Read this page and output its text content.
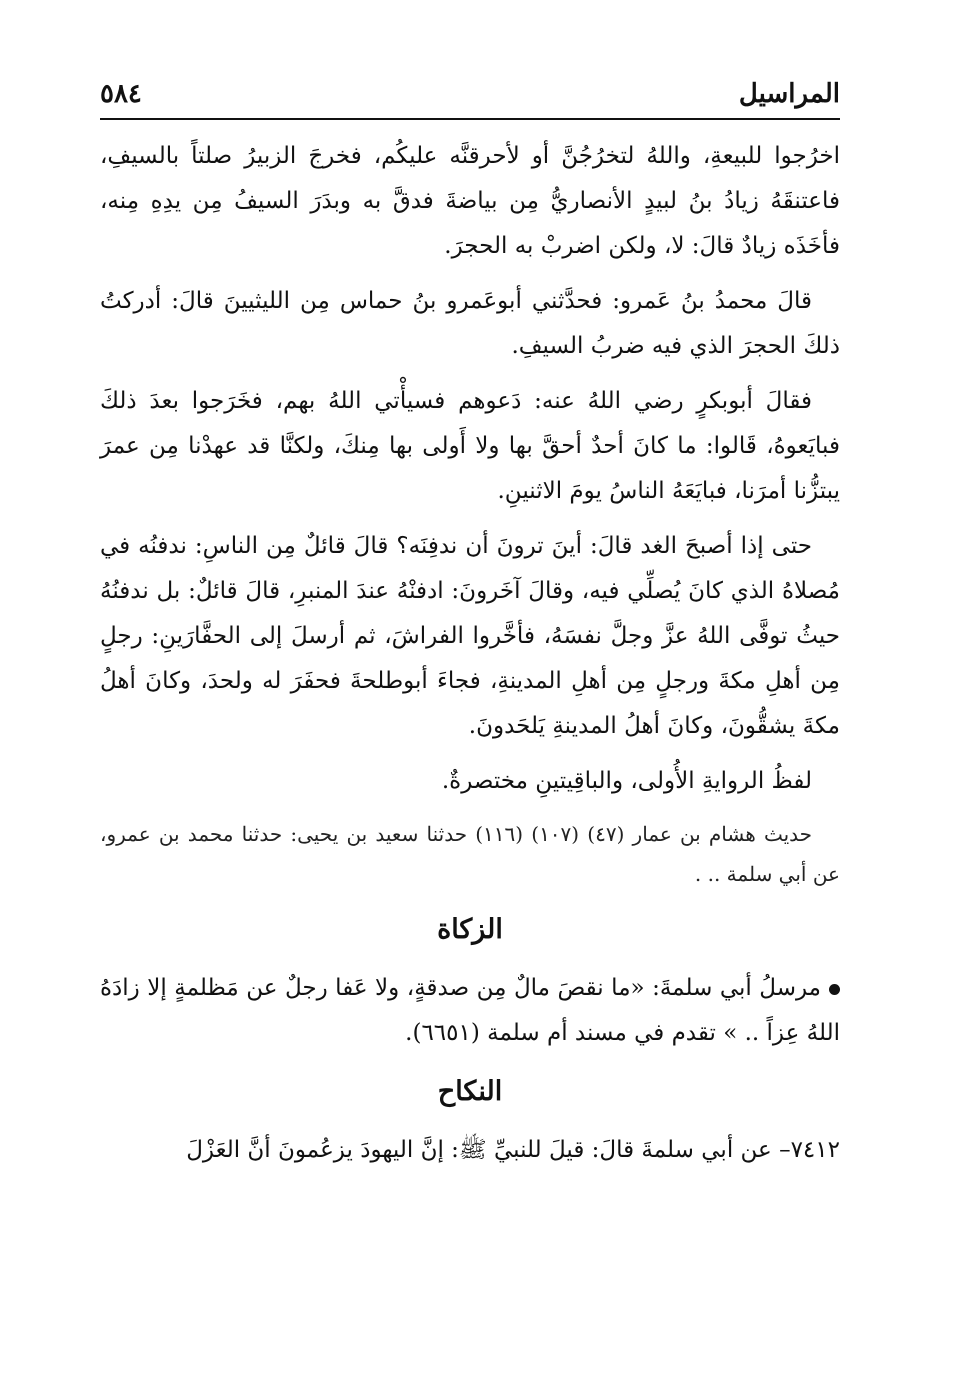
المراسيل
٥٨٤

اخرُجوا للبيعةِ، واللهُ لتخرُجُنَّ أو لأحرقنَّه عليكُم، فخرجَ الزبيرُ صلتاً بالسيفِ، فاعتنقَهُ زيادُ بنُ لبيدٍ الأنصاريُّ مِن بياضةَ فدقَّ به وبدَرَ السيفُ مِن يدِهِ مِنه، فأخَذَه زيادٌ قالَ: لا، ولكن اضربْ به الحجرَ.

قالَ محمدُ بنُ عَمرو: فحدَّثني أبوعَمرو بنُ حماس مِن الليثيينَ قالَ: أدركتُ ذلكَ الحجرَ الذي فيه ضربُ السيفِ.

فقالَ أبوبكرٍ رضي اللهُ عنه: دَعوهم فسيأْتي اللهُ بهم، فخَرَجوا بعدَ ذلكَ فبايَعوهُ، قَالوا: ما كانَ أحدٌ أحقَّ بها ولا أَولى بها مِنكَ، ولكنَّا قد عهدْنا مِن عمرَ يبتزُّنا أمرَنا، فبايَعَهُ الناسُ يومَ الاثنينِ.

حتى إذا أصبحَ الغد قالَ: أينَ ترونَ أن ندفِنَه؟ قالَ قائلٌ مِن الناسِ: ندفنُه في مُصلاهُ الذي كانَ يُصلِّي فيه، وقالَ آخَرونَ: ادفنْهُ عندَ المنبرِ، قالَ قائلٌ: بل ندفنُهُ حيثُ توفَّى اللهُ عزَّ وجلَّ نفسَهُ، فأخَّروا الفراشَ، ثم أرسلَ إلى الحفَّارَينِ: رجلٍ مِن أهلِ مكةَ ورجلٍ مِن أهلِ المدينةِ، فجاءَ أبوطلحةَ فحفَرَ له ولحدَ، وكانَ أهلُ مكةَ يشقُّونَ، وكانَ أهلُ المدينةِ يَلحَدونَ.

لفظُ الروايةِ الأُولى، والباقِيتينِ مختصرةٌ.

حديث هشام بن عمار (٤٧) (١٠٧) (١١٦) حدثنا سعيد بن يحيى: حدثنا محمد بن عمرو، عن أبي سلمة .. .

الزكاة

مرسلُ أبي سلمةَ: «ما نقصَ مالٌ مِن صدقةٍ، ولا عَفا رجلٌ عن مَظلمةٍ إلا زادَهُ اللهُ عِزاً .. » تقدم في مسند أم سلمة (٦٦٥١).

النكاح

٧٤١٢– عن أبي سلمةَ قالَ: قيلَ للنبيِّ ﷺ: إنَّ اليهودَ يزعُمونَ أنَّ العَزْلَ
